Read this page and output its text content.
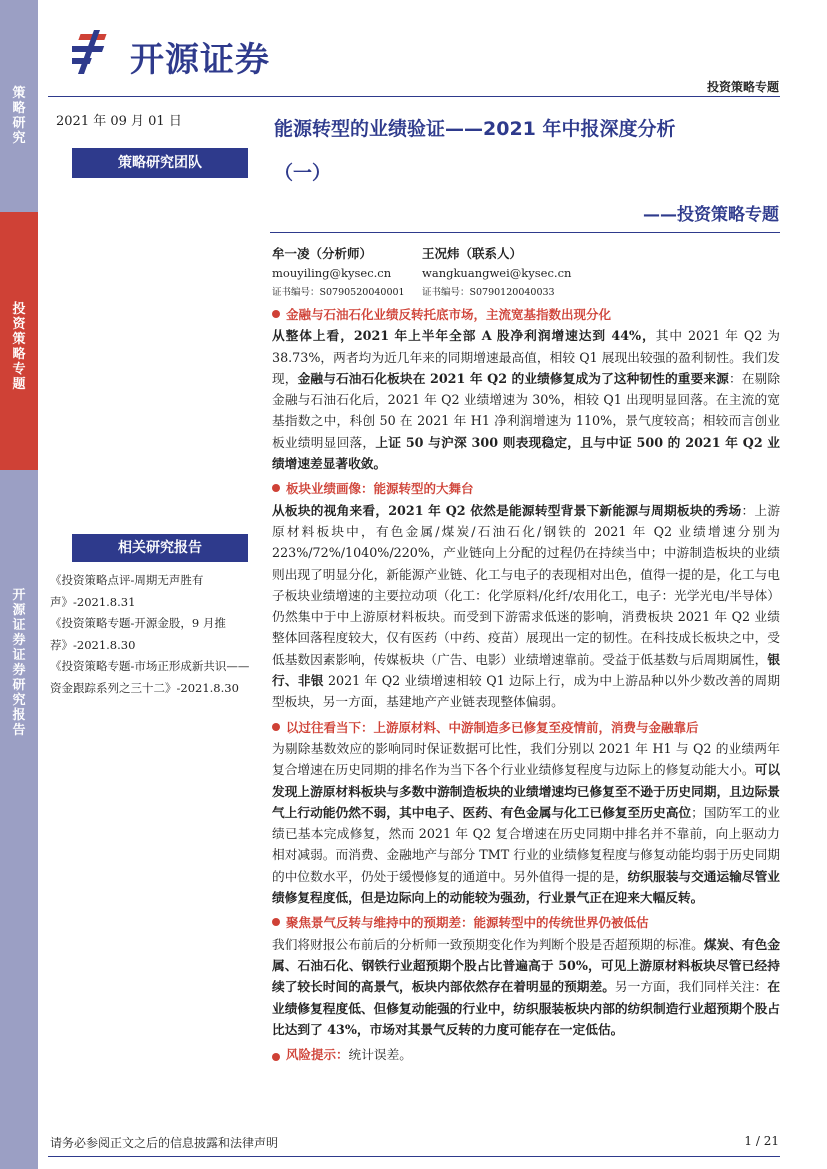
策
略
研
究
投
资
策
略
专
题
开
源
证
券
证
券
研
究
报
告
开源证券
投资策略专题
2021 年 09 月 01 日
策略研究团队
能源转型的业绩验证——2021 年中报深度分析
（一）
——投资策略专题
牟一凌（分析师）
mouyiling@kysec.cn
证书编号：S0790520040001
王况炜（联系人）
wangkuangwei@kysec.cn
证书编号：S0790120040033
相关研究报告
《投资策略点评-周期无声胜有声》-2021.8.31
《投资策略专题-开源金股，9 月推荐》-2021.8.30
《投资策略专题-市场正形成新共识——资金跟踪系列之三十二》-2021.8.30

金融与石油石化业绩反转托底市场，主流宽基指数出现分化

从整体上看，2021 年上半年全部 A 股净利润增速达到 44%，其中 2021 年 Q2 为 38.73%，两者均为近几年来的同期增速最高值，相较 Q1 展现出较强的盈利韧性。我们发现，金融与石油石化板块在 2021 年 Q2 的业绩修复成为了这种韧性的重要来源：在剔除金融与石油石化后，2021 年 Q2 业绩增速为 30%，相较 Q1 出现明显回落。在主流的宽基指数之中，科创 50 在 2021 年 H1 净利润增速为 110%，景气度较高；相较而言创业板业绩明显回落，上证 50 与沪深 300 则表现稳定，且与中证 500 的 2021 年 Q2 业绩增速差显著收敛。

板块业绩画像：能源转型的大舞台

从板块的视角来看，2021 年 Q2 依然是能源转型背景下新能源与周期板块的秀场：上游原材料板块中，有色金属/煤炭/石油石化/钢铁的 2021 年 Q2 业绩增速分别为 223%/72%/1040%/220%，产业链向上分配的过程仍在持续当中；中游制造板块的业绩则出现了明显分化，新能源产业链、化工与电子的表现相对出色，值得一提的是，化工与电子板块业绩增速的主要拉动项（化工：化学原料/化纤/农用化工，电子：光学光电/半导体）仍然集中于中上游原材料板块。而受到下游需求低迷的影响，消费板块 2021 年 Q2 业绩整体回落程度较大，仅有医药（中药、疫苗）展现出一定的韧性。在科技成长板块之中，受低基数因素影响，传媒板块（广告、电影）业绩增速靠前。受益于低基数与后周期属性，银行、非银 2021 年 Q2 业绩增速相较 Q1 边际上行，成为中上游品种以外少数改善的周期型板块，另一方面，基建地产产业链表现整体偏弱。

以过往看当下：上游原材料、中游制造多已修复至疫情前，消费与金融靠后

为剔除基数效应的影响同时保证数据可比性，我们分别以 2021 年 H1 与 Q2 的业绩两年复合增速在历史同期的排名作为当下各个行业业绩修复程度与边际上的修复动能大小。可以发现上游原材料板块与多数中游制造板块的业绩增速均已修复至不逊于历史同期，且边际景气上行动能仍然不弱，其中电子、医药、有色金属与化工已修复至历史高位；国防军工的业绩已基本完成修复，然而 2021 年 Q2 复合增速在历史同期中排名并不靠前，向上驱动力相对减弱。而消费、金融地产与部分 TMT 行业的业绩修复程度与修复动能均弱于历史同期的中位数水平，仍处于缓慢修复的通道中。另外值得一提的是，纺织服装与交通运输尽管业绩修复程度低，但是边际向上的动能较为强劲，行业景气正在迎来大幅反转。

聚焦景气反转与维持中的预期差：能源转型中的传统世界仍被低估

我们将财报公布前后的分析师一致预期变化作为判断个股是否超预期的标准。煤炭、有色金属、石油石化、钢铁行业超预期个股占比普遍高于 50%，可见上游原材料板块尽管已经持续了较长时间的高景气，板块内部依然存在着明显的预期差。另一方面，我们同样关注：在业绩修复程度低、但修复动能强的行业中，纺织服装板块内部的纺织制造行业超预期个股占比达到了 43%，市场对其景气反转的力度可能存在一定低估。

风险提示：统计误差。

请务必参阅正文之后的信息披露和法律声明	1 / 21
